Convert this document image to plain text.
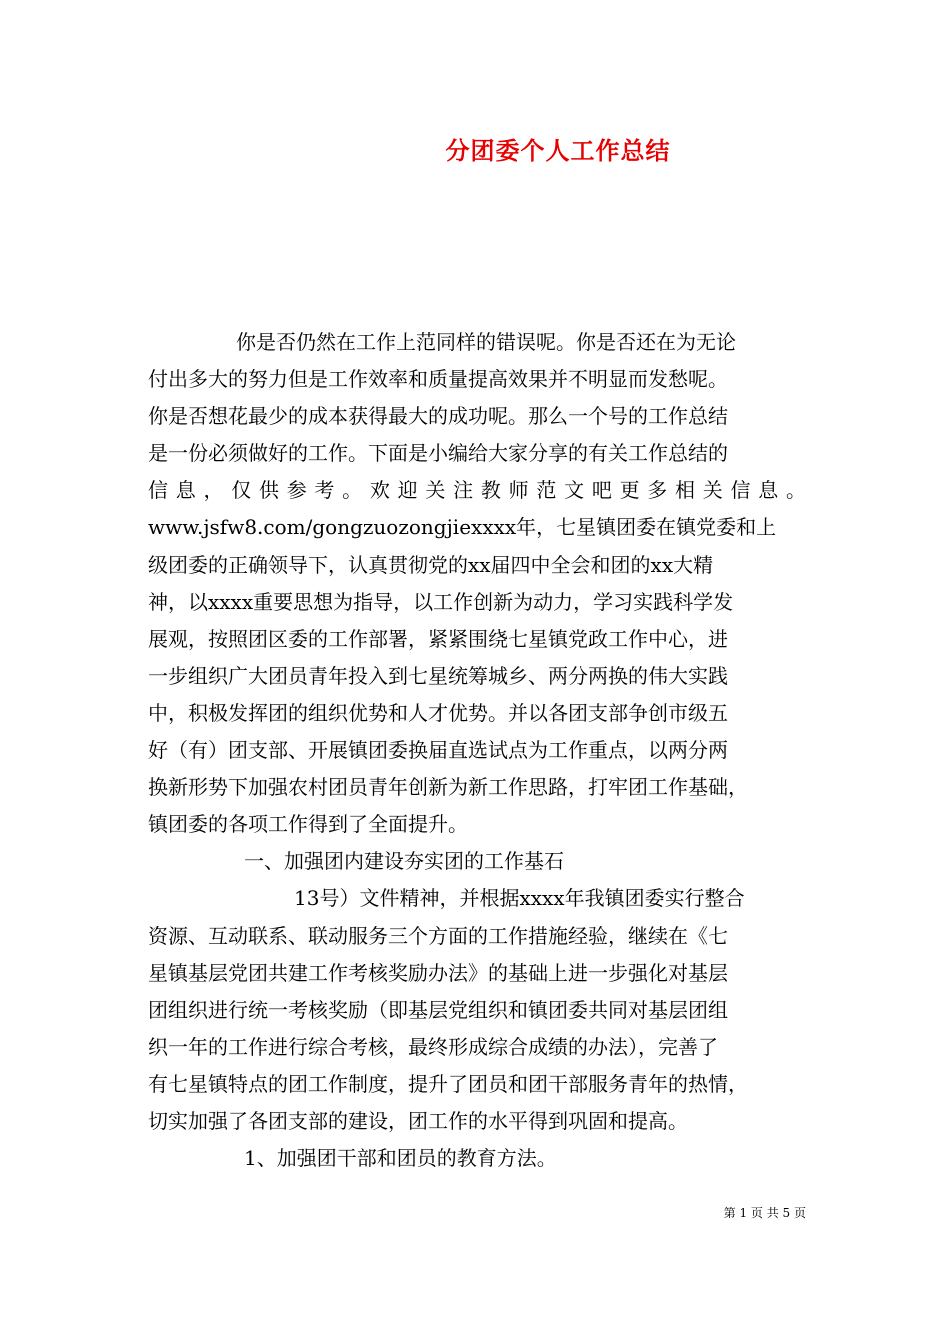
分团委个人工作总结
你是否仍然在工作上范同样的错误呢。你是否还在为无论
付出多大的努力但是工作效率和质量提高效果并不明显而发愁呢。
你是否想花最少的成本获得最大的成功呢。那么一个号的工作总结
是一份必须做好的工作。下面是小编给大家分享的有关工作总结的
信息，仅供参考。欢迎关注教师范文吧更多相关信息。
www.jsfw8.com/gongzuozongjiexxxx年，七星镇团委在镇党委和上
级团委的正确领导下，认真贯彻党的xx届四中全会和团的xx大精
神，以xxxx重要思想为指导，以工作创新为动力，学习实践科学发
展观，按照团区委的工作部署，紧紧围绕七星镇党政工作中心，进
一步组织广大团员青年投入到七星统筹城乡、两分两换的伟大实践
中，积极发挥团的组织优势和人才优势。并以各团支部争创市级五
好（有）团支部、开展镇团委换届直选试点为工作重点，以两分两
换新形势下加强农村团员青年创新为新工作思路，打牢团工作基础，
镇团委的各项工作得到了全面提升。
一、加强团内建设夯实团的工作基石
13号）文件精神，并根据xxxx年我镇团委实行整合
资源、互动联系、联动服务三个方面的工作措施经验，继续在《七
星镇基层党团共建工作考核奖励办法》的基础上进一步强化对基层
团组织进行统一考核奖励（即基层党组织和镇团委共同对基层团组
织一年的工作进行综合考核，最终形成综合成绩的办法），完善了
有七星镇特点的团工作制度，提升了团员和团干部服务青年的热情，
切实加强了各团支部的建设，团工作的水平得到巩固和提高。
1、加强团干部和团员的教育方法。
第 1 页 共 5 页
